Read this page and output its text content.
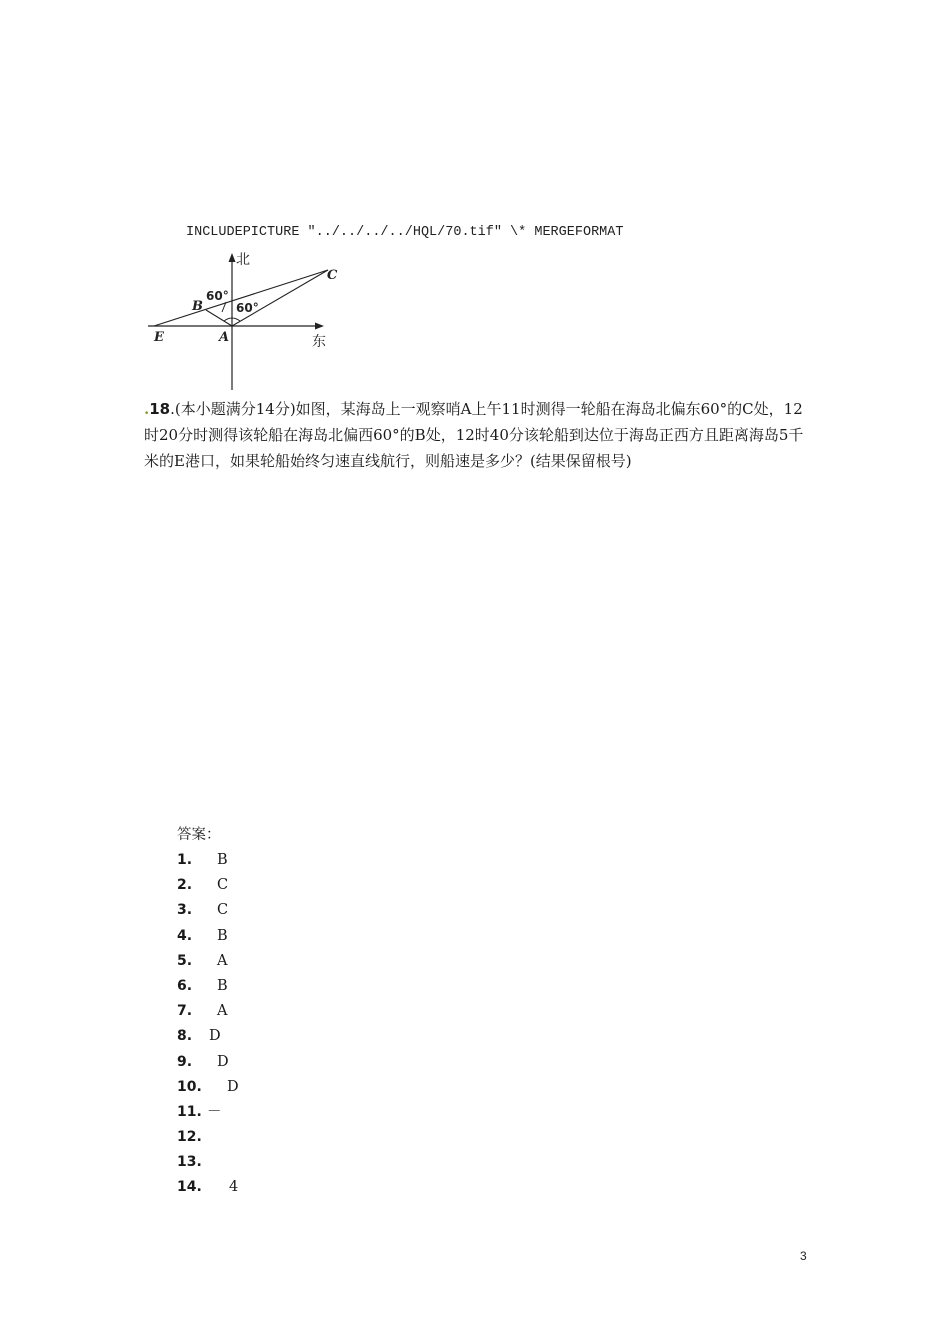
INCLUDEPICTURE "../../../../HQL/70.tif" \* MERGEFORMAT
北
东
C
B
A
E
60°
60°

.18.(本小题满分14分)如图，某海岛上一观察哨A上午11时测得一轮船在海岛北偏东60°的C处，12时20分时测得该轮船在海岛北偏西60°的B处，12时40分该轮船到达位于海岛正西方且距离海岛5千米的E港口，如果轮船始终匀速直线航行，则船速是多少？(结果保留根号)

答案：
1. B
2. C
3. C
4. B
5. A
6. B
7. A
8. D
9. D
10. D
11. －
12.
13.
14. 4
3
